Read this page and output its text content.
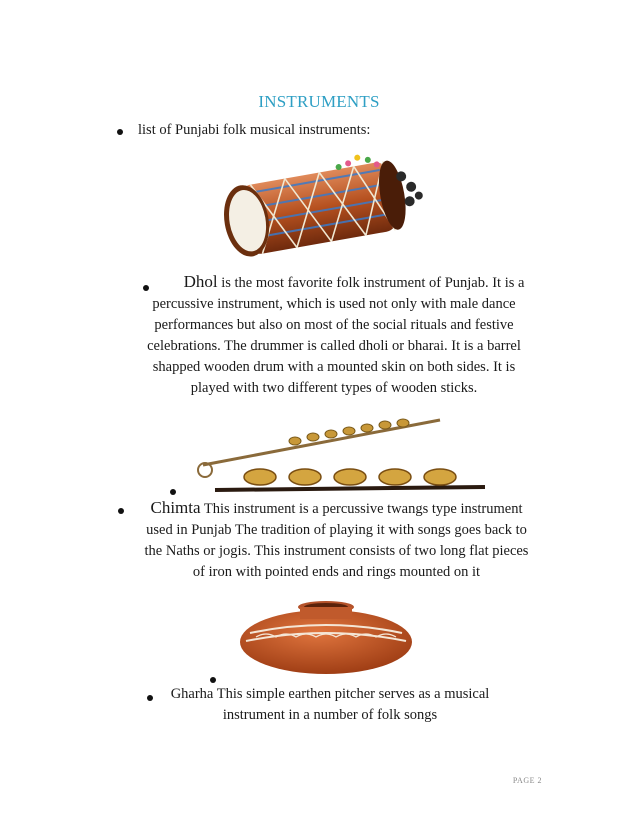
INSTRUMENTS
list of Punjabi folk musical instruments:
Dhol is the most favorite folk instrument of Punjab. It is a
percussive instrument, which is used not only with male dance
performances but also on most of the social rituals and festive
celebrations. The drummer is called dholi or bharai. It is a barrel
shapped wooden drum with a mounted skin on both sides. It is
played with two different types of wooden sticks.
Chimta This instrument is a percussive twangs type instrument
used in Punjab The tradition of playing it with songs goes back to
the Naths or jogis. This instrument consists of two long flat pieces
of iron with pointed ends and rings mounted on it
Gharha This simple earthen pitcher serves as a musical
instrument in a number of folk songs
PAGE 2
